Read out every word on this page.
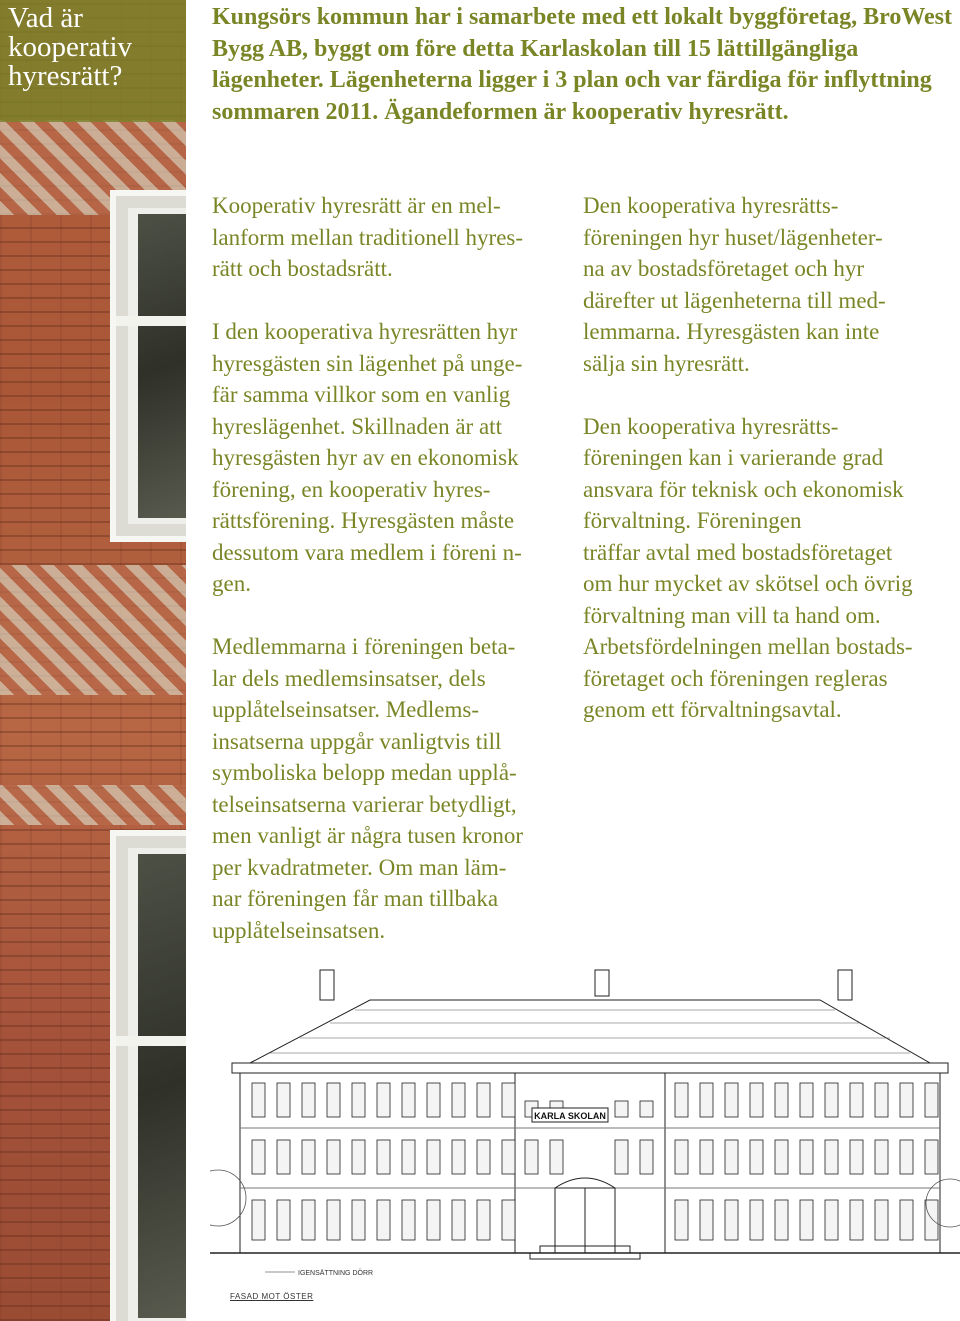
Vad är kooperativ hyresrätt?
Kungsörs kommun har i samarbete med ett lokalt byggföretag, BroWest Bygg AB, byggt om före detta Karlaskolan till 15 lättillgängliga lägenheter. Lägenheterna ligger i 3 plan och var färdiga för inflyttning sommaren 2011. Ägandeformen är kooperativ hyresrätt.

Kooperativ hyresrätt är en mel-
lanform mellan traditionell hyres-
rätt och bostadsrätt.

I den kooperativa hyresrätten hyr
hyresgästen sin lägenhet på unge-
fär samma villkor som en vanlig
hyreslägenhet. Skillnaden är att
hyresgästen hyr av en ekonomisk
förening, en kooperativ hyres-
rättsförening. Hyresgästen måste
dessutom vara medlem i föreni n-
gen.

Medlemmarna i föreningen beta-
lar dels medlemsinsatser, dels
upplåtelseinsatser. Medlems-
insatserna uppgår vanligtvis till
symboliska belopp medan upplå-
telseinsatserna varierar betydligt,
men vanligt är några tusen kronor
per kvadratmeter. Om man läm-
nar föreningen får man tillbaka
upplåtelseinsatsen.

Den kooperativa hyresrätts-
föreningen hyr huset/lägenheter-
na av bostadsföretaget och hyr
därefter ut lägenheterna till med-
lemmarna. Hyresgästen kan inte
sälja sin hyresrätt.

Den kooperativa hyresrätts-
föreningen kan i varierande grad
ansvara för teknisk och ekonomisk
förvaltning. Föreningen
träffar avtal med bostadsföretaget
om hur mycket av skötsel och övrig
förvaltning man vill ta hand om.
Arbetsfördelningen mellan bostads-
företaget och föreningen regleras
genom ett förvaltningsavtal.

KARLA SKOLAN
IGENSÄTTNING DÖRR
FASAD MOT ÖSTER
